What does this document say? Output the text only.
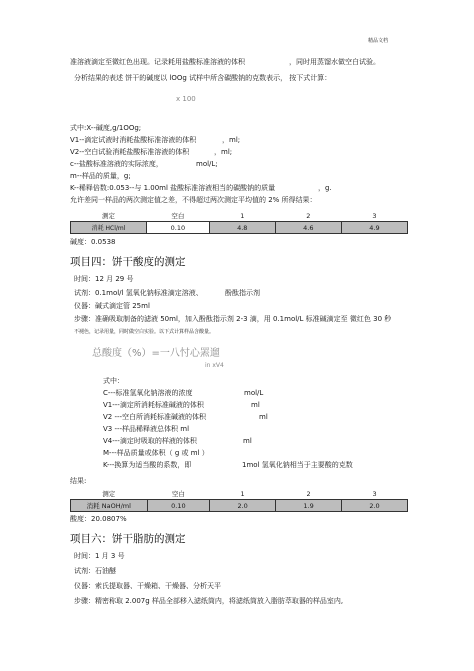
精品文档
准溶液滴定至微红色出现。记录耗用盐酸标准溶液的体积	，同时用蒸馏水做空白试验。
分析结果的表述 饼干的碱度以 lOOg 试样中所含碳酸钠的克数表示， 按下式计算：
x 100
式中:X--碱度,g/1OOg;
V1--滴定试液时消耗盐酸标准溶液的体积	，ml;
V2--空白试验消耗盐酸标准溶液的体积	，ml;
c--盐酸标准溶液的实际浓度，	mol/L;
m--样品的质量，g;
K--稀释倍数:0.053--与 1.00ml 盐酸标准溶液相当的碳酸钠的质量	，g.
允许差同一样品的两次测定值之差，不得超过两次测定平均值的 2% 所得结果：
测定	空白	1	2	3
消耗 HCl/ml	0.10	4.8	4.6	4.9
碱度：0.0538
项目四：饼干酸度的测定
时间：12 月 29 号
试剂：0.1mol/l 氢氧化钠标准滴定溶液、	酚酞指示剂
仪器：碱式滴定管 25ml
步骤：准确吸取制备的滤液 50ml，加入酚酞指示剂 2-3 滴，用 0.1mol/L 标准碱滴定至 微红色 30 秒
不褪色，记录用量，同时做空白实验。以下式计算样品含酸量。
总酸度（%）=一八忖心罴遛
in xV4
式中：
C---标准氢氧化钠溶液的浓度	mol/L
V1---滴定所消耗标准碱液的体积	ml
V2 ---空白所消耗标准碱液的体积	ml
V3 ---样品稀释液总体积 ml
V4---滴定时吸取的样液的体积	ml
M---样品质量或体积（ g 或 ml ）
K---换算为适当酸的系数，即	1mol 氢氧化钠相当于主要酸的克数
结果:
测定	空白	1	2	3
消耗 NaOH/ml	0.10	2.0	1.9	2.0
酸度：20.0807%
项目六：饼干脂肪的测定
时间：1 月 3 号
试剂：石油醚
仪器：索氏提取器、干燥箱、干燥器、分析天平
步骤：精密称取 2.007g 样品全部移入滤纸筒内，将滤纸筒放入脂肪萃取器的样品室内,
